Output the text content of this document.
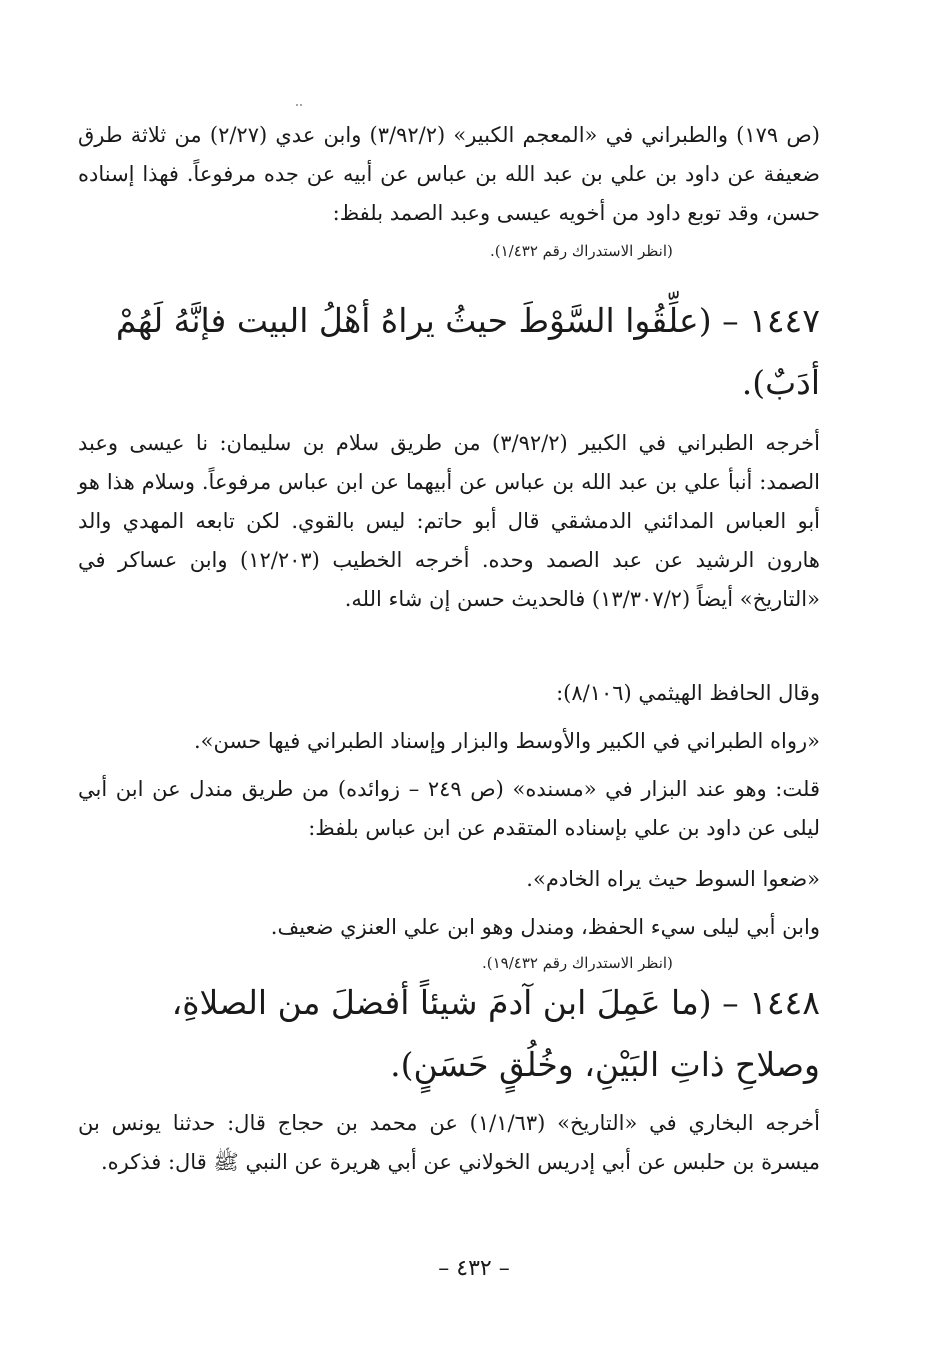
(ص ١٧٩) والطبراني في «المعجم الكبير» (٣/٩٢/٢) وابن عدي (٢/٢٧) من ثلاثة طرق ضعيفة عن داود بن علي بن عبد الله بن عباس عن أبيه عن جده مرفوعاً. فهذا إسناده حسن، وقد توبع داود من أخويه عيسى وعبد الصمد بلفظ:

(انظر الاستدراك رقم ١/٤٣٢).

١٤٤٧ – (علِّقُوا السَّوْطَ حيثُ يراهُ أهْلُ البيت فإنَّهُ لَهُمْ أدَبٌ).

أخرجه الطبراني في الكبير (٣/٩٢/٢) من طريق سلام بن سليمان: نا عيسى وعبد الصمد: أنبأ علي بن عبد الله بن عباس عن أبيهما عن ابن عباس مرفوعاً. وسلام هذا هو أبو العباس المدائني الدمشقي قال أبو حاتم: ليس بالقوي. لكن تابعه المهدي والد هارون الرشيد عن عبد الصمد وحده. أخرجه الخطيب (١٢/٢٠٣) وابن عساكر في «التاريخ» أيضاً (١٣/٣٠٧/٢) فالحديث حسن إن شاء الله.

وقال الحافظ الهيثمي (٨/١٠٦):

«رواه الطبراني في الكبير والأوسط والبزار وإسناد الطبراني فيها حسن».

قلت: وهو عند البزار في «مسنده» (ص ٢٤٩ – زوائده) من طريق مندل عن ابن أبي ليلى عن داود بن علي بإسناده المتقدم عن ابن عباس بلفظ:

«ضعوا السوط حيث يراه الخادم».

وابن أبي ليلى سيء الحفظ، ومندل وهو ابن علي العنزي ضعيف.

(انظر الاستدراك رقم ١٩/٤٣٢).

١٤٤٨ – (ما عَمِلَ ابن آدمَ شيئاً أفضلَ من الصلاةِ، وصلاحِ ذاتِ البَيْنِ، وخُلُقٍ حَسَنٍ).

أخرجه البخاري في «التاريخ» (١/١/٦٣) عن محمد بن حجاج قال: حدثنا يونس بن ميسرة بن حلبس عن أبي إدريس الخولاني عن أبي هريرة عن النبي ﷺ قال: فذكره.

– ٤٣٢ –
